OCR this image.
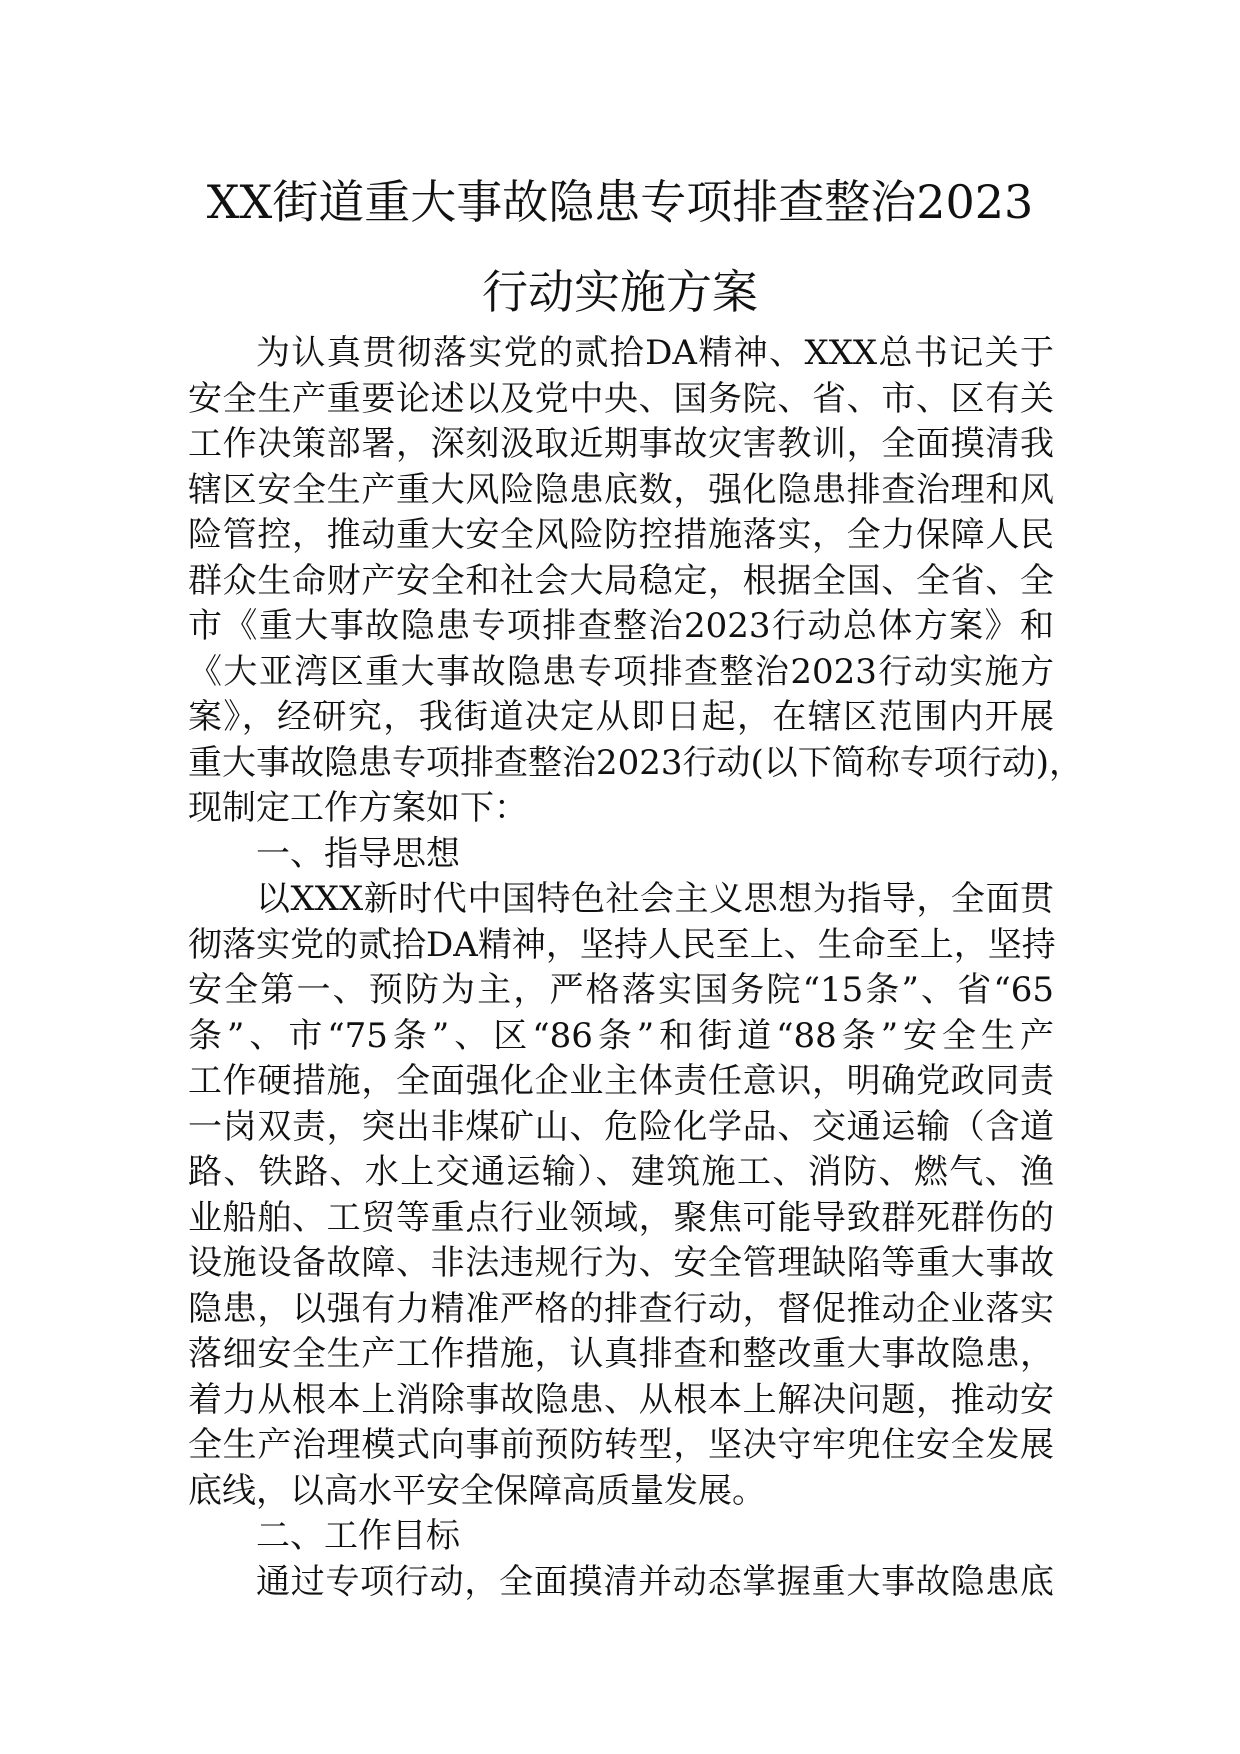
XX街道重大事故隐患专项排查整治2023
行动实施方案

为认真贯彻落实党的贰拾DA精神、XXX总书记关于
安全生产重要论述以及党中央、国务院、省、市、区有关
工作决策部署，深刻汲取近期事故灾害教训，全面摸清我
辖区安全生产重大风险隐患底数，强化隐患排查治理和风
险管控，推动重大安全风险防控措施落实，全力保障人民
群众生命财产安全和社会大局稳定，根据全国、全省、全
市《重大事故隐患专项排查整治2023行动总体方案》和
《大亚湾区重大事故隐患专项排查整治2023行动实施方
案》，经研究，我街道决定从即日起，在辖区范围内开展
重大事故隐患专项排查整治2023行动(以下简称专项行动)，
现制定工作方案如下：

一、指导思想

以XXX新时代中国特色社会主义思想为指导，全面贯
彻落实党的贰拾DA精神，坚持人民至上、生命至上，坚持
安全第一、预防为主，严格落实国务院“15条”、省“65
条”、市“75条”、区“86条”和街道“88条”安全生产
工作硬措施，全面强化企业主体责任意识，明确党政同责
一岗双责，突出非煤矿山、危险化学品、交通运输（含道
路、铁路、水上交通运输）、建筑施工、消防、燃气、渔
业船舶、工贸等重点行业领域，聚焦可能导致群死群伤的
设施设备故障、非法违规行为、安全管理缺陷等重大事故
隐患，以强有力精准严格的排查行动，督促推动企业落实
落细安全生产工作措施，认真排查和整改重大事故隐患，
着力从根本上消除事故隐患、从根本上解决问题，推动安
全生产治理模式向事前预防转型，坚决守牢兜住安全发展
底线，以高水平安全保障高质量发展。

二、工作目标

通过专项行动，全面摸清并动态掌握重大事故隐患底
